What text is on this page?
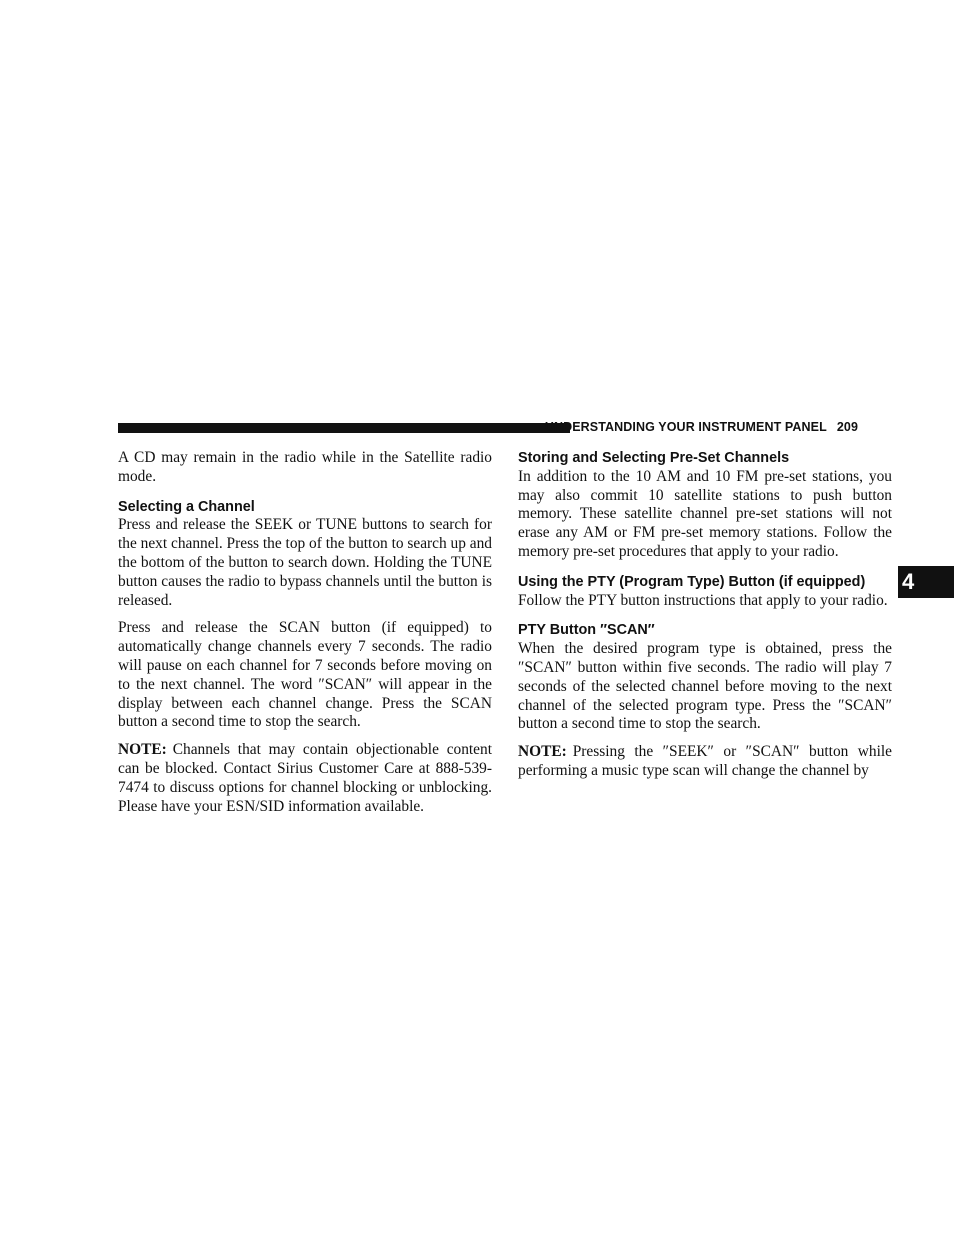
UNDERSTANDING YOUR INSTRUMENT PANEL 209
4

A CD may remain in the radio while in the Satellite radio mode.

Selecting a Channel

Press and release the SEEK or TUNE buttons to search for the next channel. Press the top of the button to search up and the bottom of the button to search down. Holding the TUNE button causes the radio to bypass channels until the button is released.

Press and release the SCAN button (if equipped) to automatically change channels every 7 seconds. The radio will pause on each channel for 7 seconds before moving on to the next channel. The word ″SCAN″ will appear in the display between each channel change. Press the SCAN button a second time to stop the search.

NOTE: Channels that may contain objectionable content can be blocked. Contact Sirius Customer Care at 888-539-7474 to discuss options for channel blocking or unblocking. Please have your ESN/SID information available.

Storing and Selecting Pre-Set Channels

In addition to the 10 AM and 10 FM pre-set stations, you may also commit 10 satellite stations to push button memory. These satellite channel pre-set stations will not erase any AM or FM pre-set memory stations. Follow the memory pre-set procedures that apply to your radio.

Using the PTY (Program Type) Button (if equipped)

Follow the PTY button instructions that apply to your radio.

PTY Button ″SCAN″

When the desired program type is obtained, press the ″SCAN″ button within five seconds. The radio will play 7 seconds of the selected channel before moving to the next channel of the selected program type. Press the ″SCAN″ button a second time to stop the search.

NOTE: Pressing the ″SEEK″ or ″SCAN″ button while performing a music type scan will change the channel by
